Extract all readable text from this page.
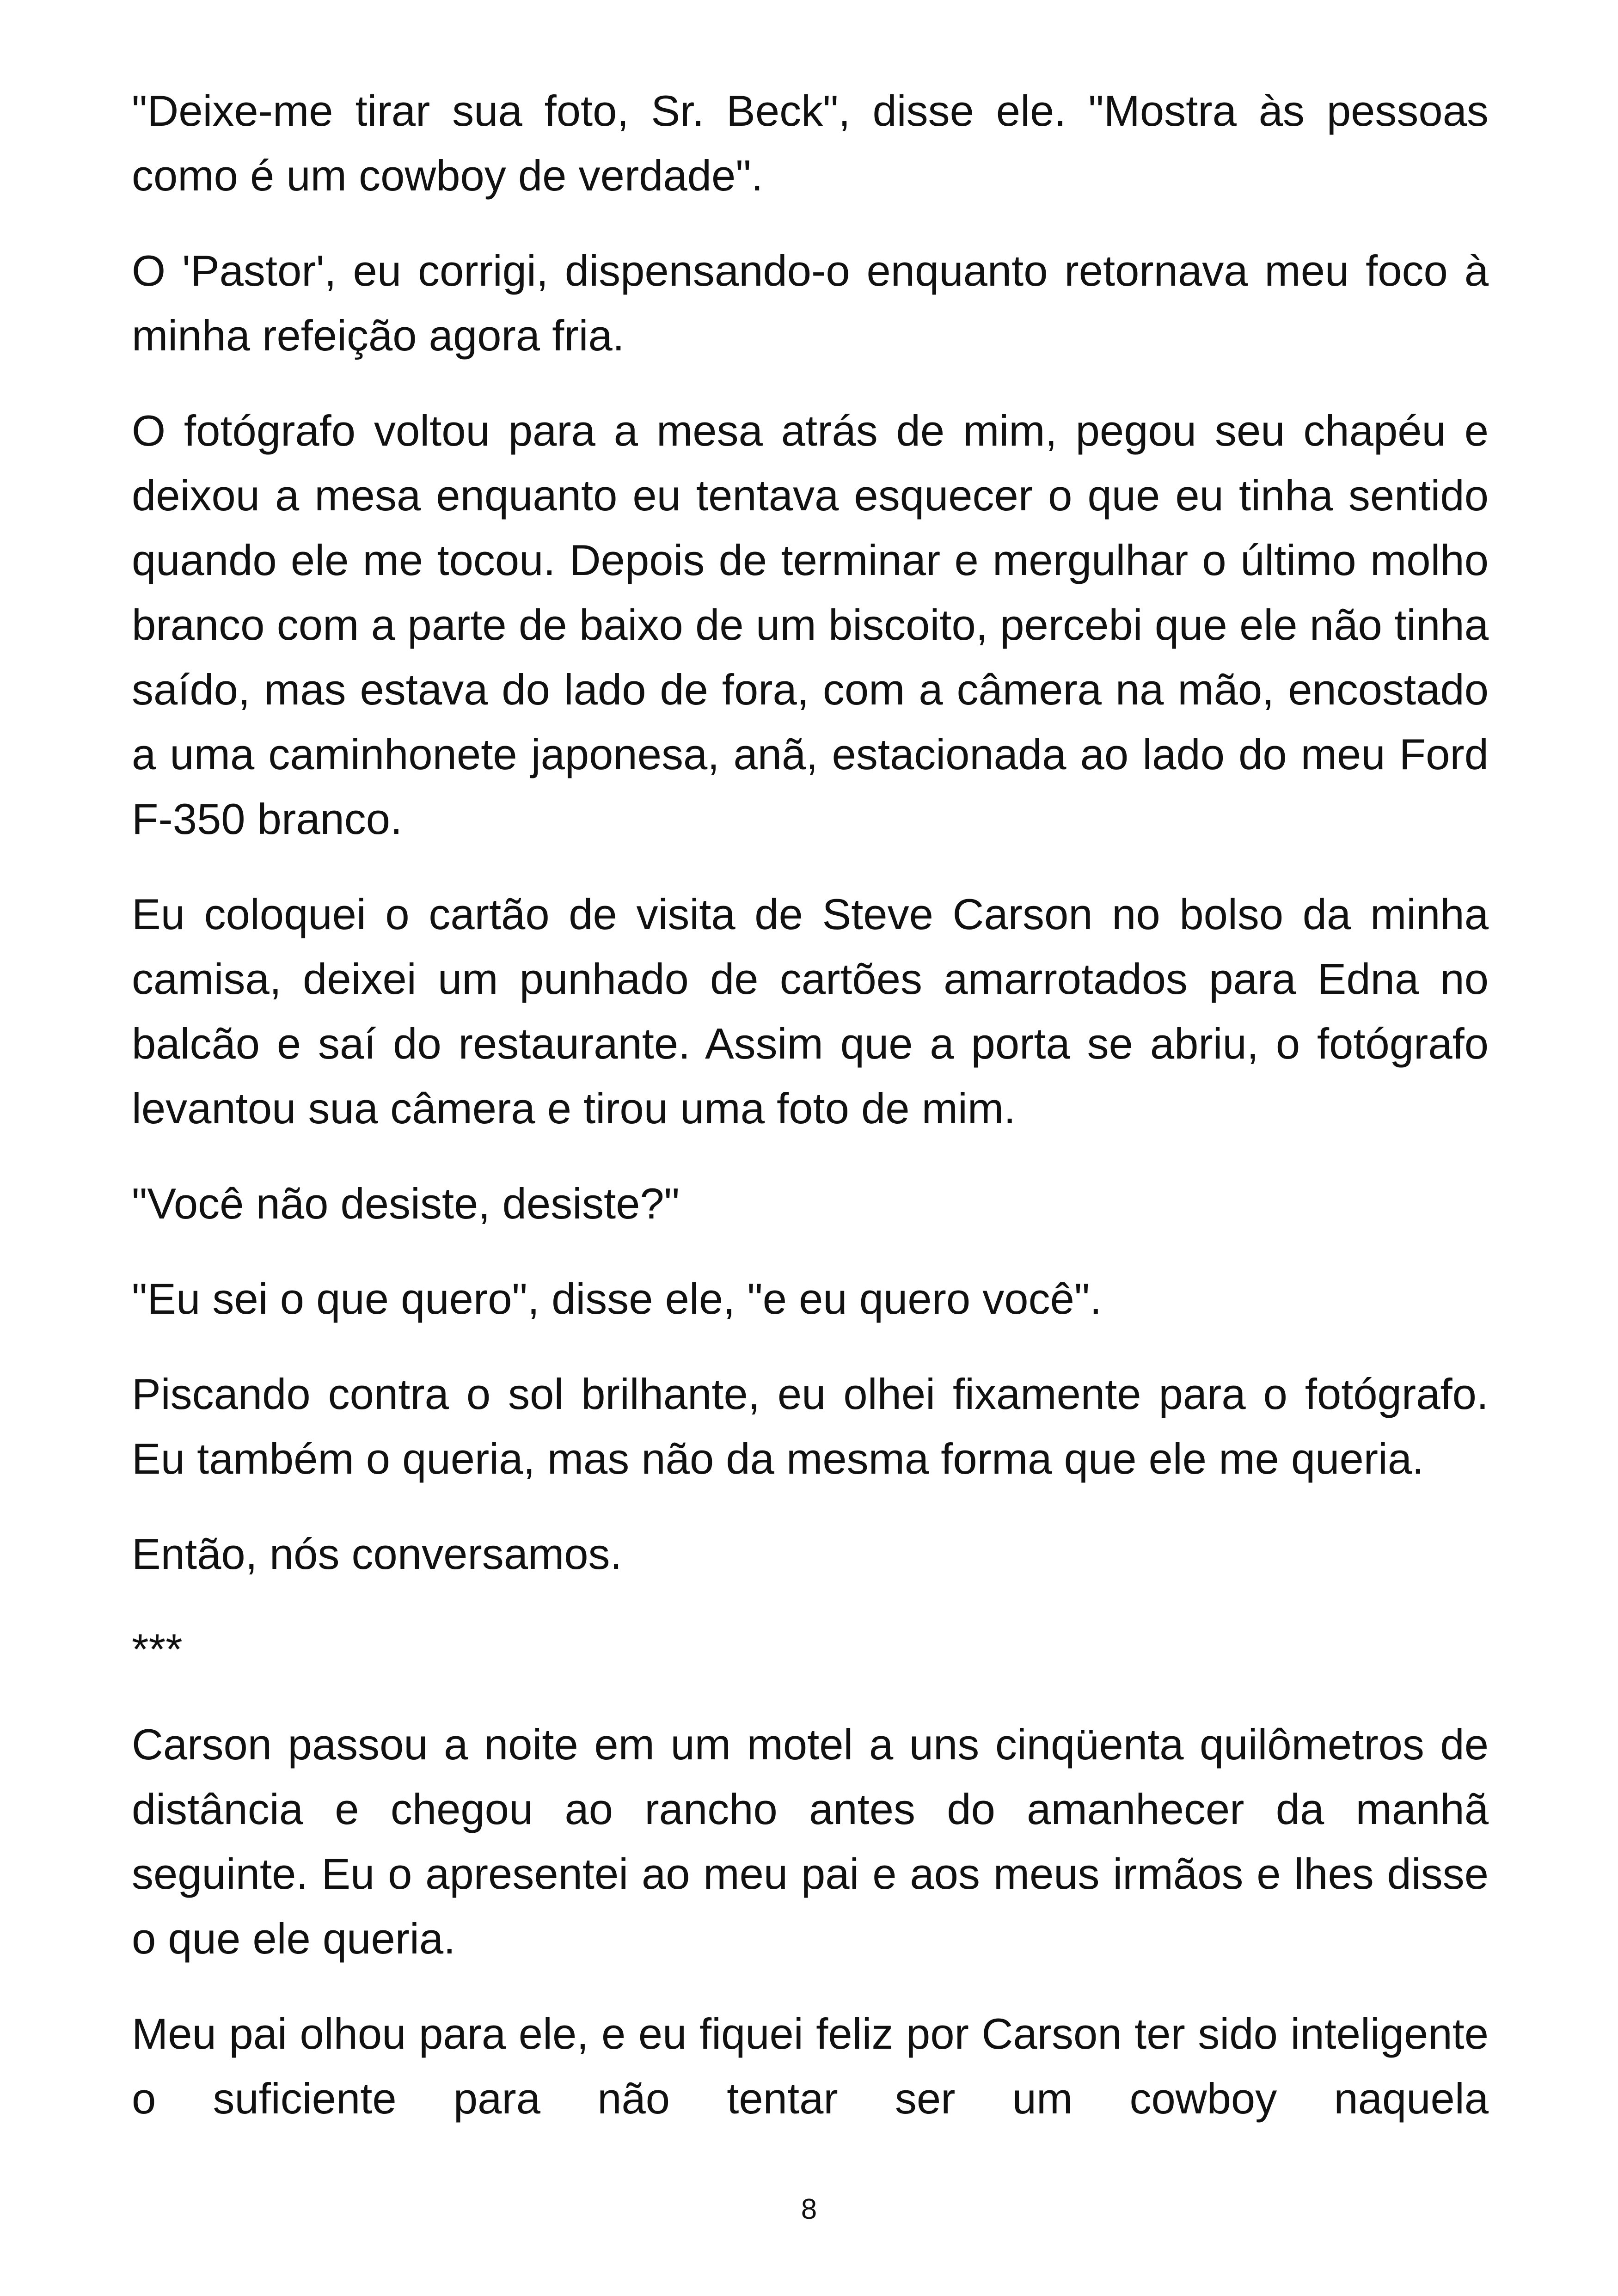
"Deixe-me tirar sua foto, Sr. Beck", disse ele. "Mostra às pessoas como é um cowboy de verdade".

O 'Pastor', eu corrigi, dispensando-o enquanto retornava meu foco à minha refeição agora fria.

O fotógrafo voltou para a mesa atrás de mim, pegou seu chapéu e deixou a mesa enquanto eu tentava esquecer o que eu tinha sentido quando ele me tocou. Depois de terminar e mergulhar o último molho branco com a parte de baixo de um biscoito, percebi que ele não tinha saído, mas estava do lado de fora, com a câmera na mão, encostado a uma caminhonete japonesa, anã, estacionada ao lado do meu Ford F-350 branco.

Eu coloquei o cartão de visita de Steve Carson no bolso da minha camisa, deixei um punhado de cartões amarrotados para Edna no balcão e saí do restaurante. Assim que a porta se abriu, o fotógrafo levantou sua câmera e tirou uma foto de mim.

"Você não desiste, desiste?"

"Eu sei o que quero", disse ele, "e eu quero você".

Piscando contra o sol brilhante, eu olhei fixamente para o fotógrafo. Eu também o queria, mas não da mesma forma que ele me queria.

Então, nós conversamos.

***

Carson passou a noite em um motel a uns cinqüenta quilômetros de distância e chegou ao rancho antes do amanhecer da manhã seguinte. Eu o apresentei ao meu pai e aos meus irmãos e lhes disse o que ele queria.

Meu pai olhou para ele, e eu fiquei feliz por Carson ter sido inteligente o suficiente para não tentar ser um cowboy naquela

8
